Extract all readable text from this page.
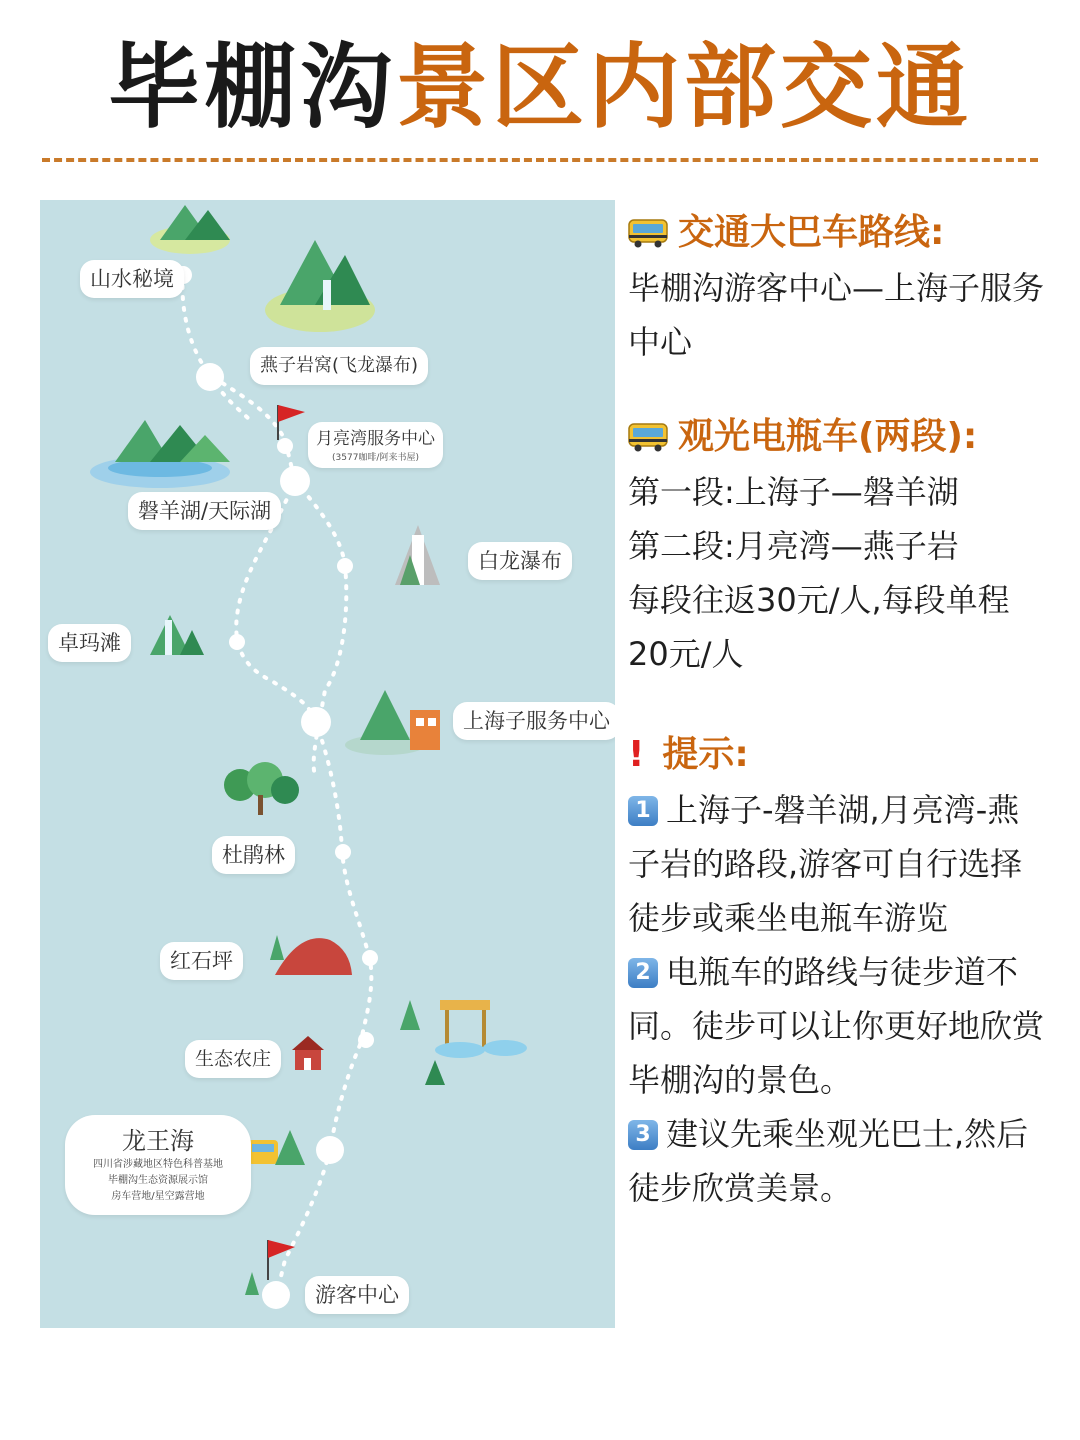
毕棚沟景区内部交通
山水秘境
燕子岩窝(飞龙瀑布)
月亮湾服务中心
(3577咖啡/阿来书屋)
磐羊湖/天际湖
白龙瀑布
卓玛滩
上海子服务中心
杜鹃林
红石坪
生态农庄
龙王海
四川省涉藏地区特色科普基地
毕棚沟生态资源展示馆
房车营地/星空露营地
游客中心
交通大巴车路线:
毕棚沟游客中心—上海子服务中心
观光电瓶车(两段):
第一段:上海子—磐羊湖
第二段:月亮湾—燕子岩
每段往返30元/人,每段单程20元/人
! 提示:
1 上海子-磐羊湖,月亮湾-燕子岩的路段,游客可自行选择徒步或乘坐电瓶车游览
2 电瓶车的路线与徒步道不同。徒步可以让你更好地欣赏毕棚沟的景色。
3 建议先乘坐观光巴士,然后徒步欣赏美景。
